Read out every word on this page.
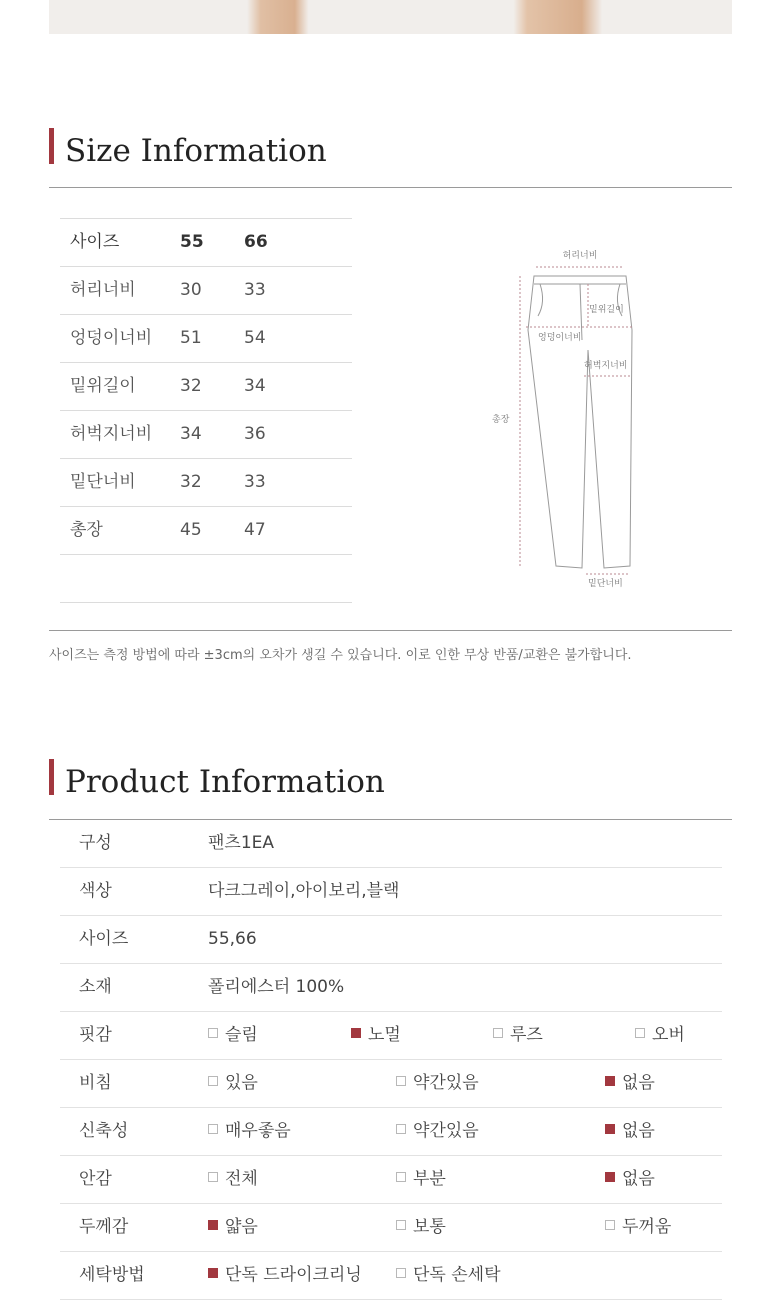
Size Information
사이즈	55 66
허리너비	30 33
엉덩이너비 51 54
밑위길이	32 34
허벅지너비 34 36
밑단너비	32 33
총장	45 47
허리너비
밑위길이
엉덩이너비
허벅지너비
총장
밑단너비
사이즈는 측정 방법에 따라 ±3cm의 오차가 생길 수 있습니다. 이로 인한 무상 반품/교환은 불가합니다.
Product Information
구성	팬츠1EA
색상	다크그레이,아이보리,블랙
사이즈	55,66
소재	폴리에스터 100%
핏감	슬림	노멀	루즈	오버
비침	있음	약간있음	없음
신축성	매우좋음	약간있음	없음
안감	전체	부분	없음
두께감	얇음	보통	두꺼움
세탁방법	단독 드라이크리닝	단독 손세탁
